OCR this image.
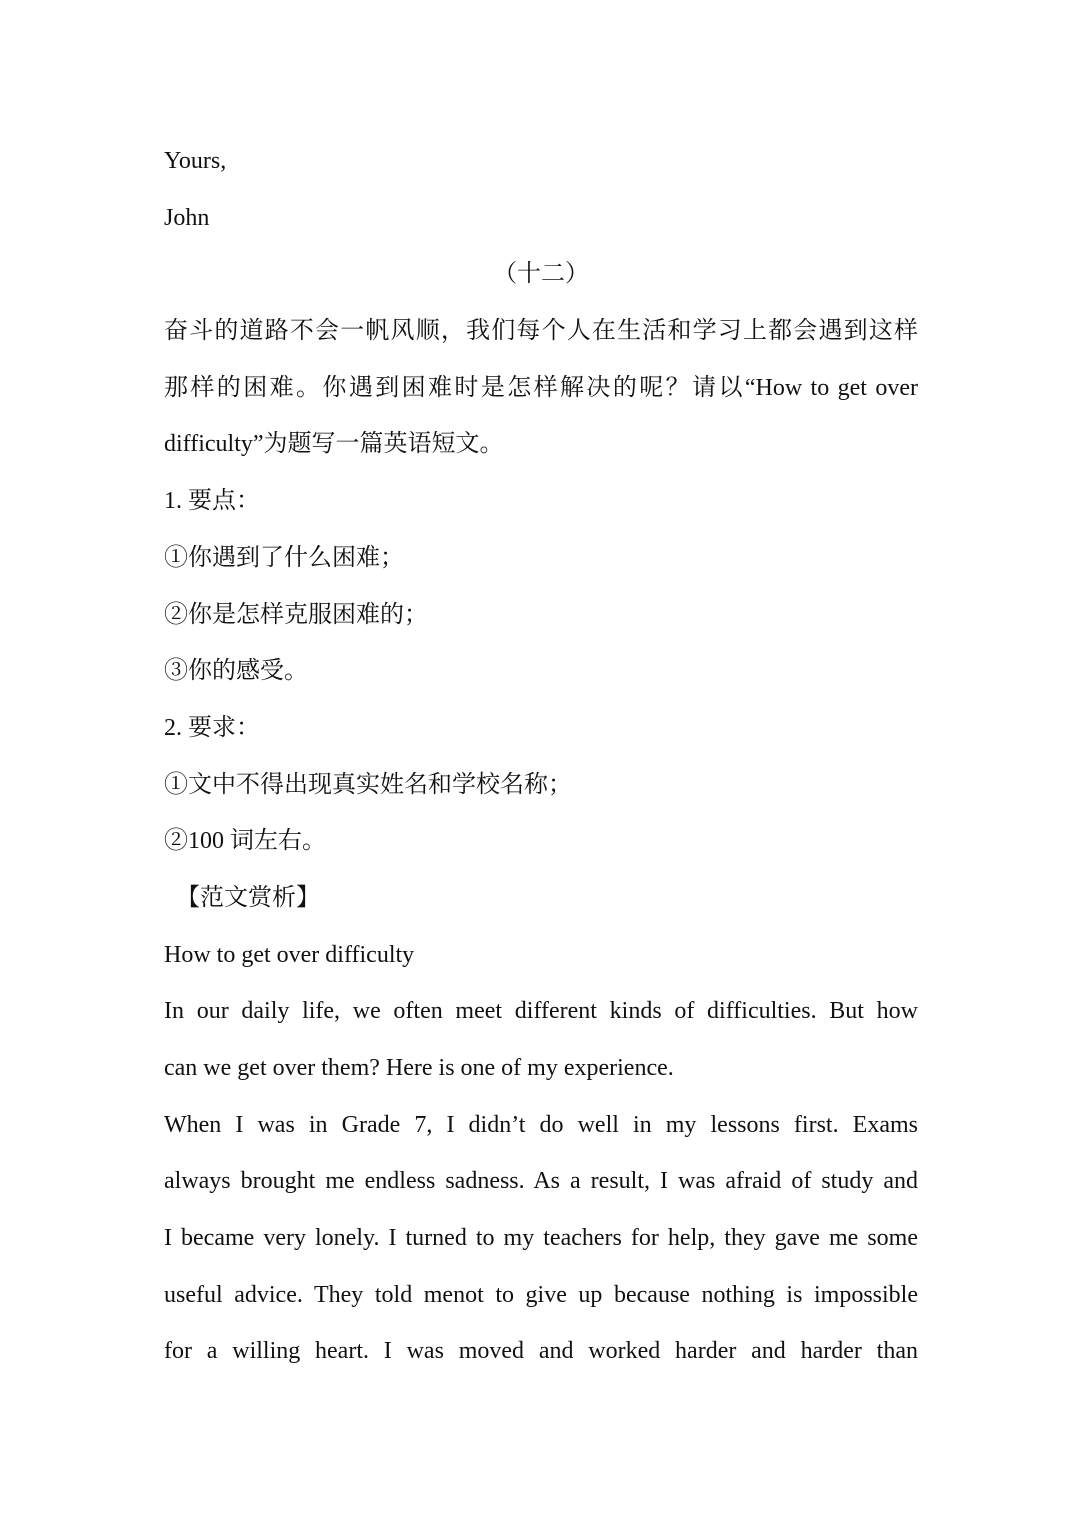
Yours,
John
（十二）
奋斗的道路不会一帆风顺，我们每个人在生活和学习上都会遇到这样
那样的困难。你遇到困难时是怎样解决的呢？请以“How to get over
difficulty”为题写一篇英语短文。
1. 要点：
①你遇到了什么困难；
②你是怎样克服困难的；
③你的感受。
2. 要求：
①文中不得出现真实姓名和学校名称；
②100 词左右。
【范文赏析】
How to get over difficulty
In our daily life, we often meet different kinds of difficulties. But how
can we get over them? Here is one of my experience.
When I was in Grade 7, I didn’t do well in my lessons first. Exams
always brought me endless sadness. As a result, I was afraid of study and
I became very lonely. I turned to my teachers for help, they gave me some
useful advice. They told menot to give up because nothing is impossible
for a willing heart. I was moved and worked harder and harder than
